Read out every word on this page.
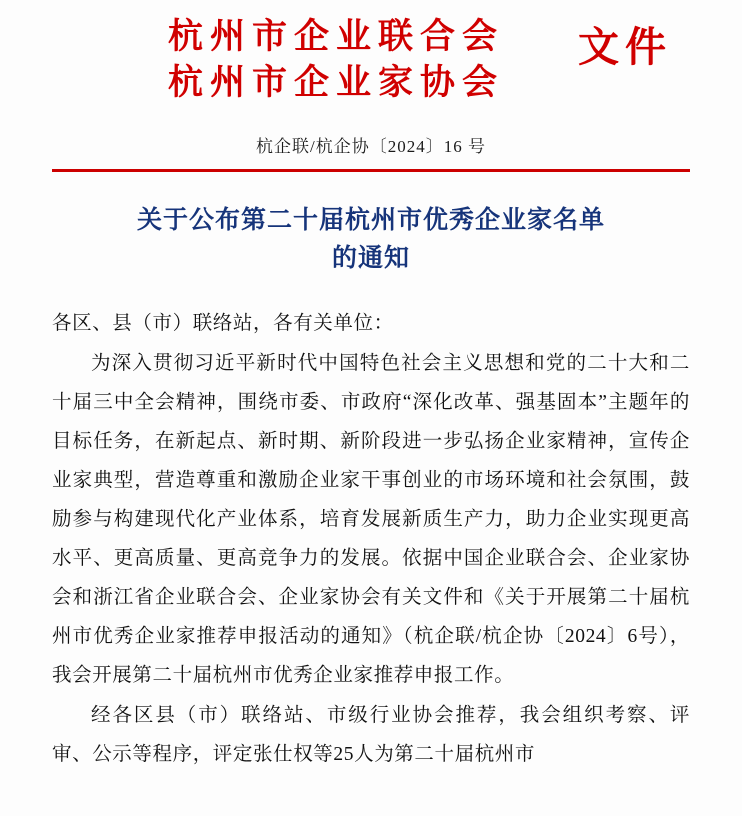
杭州市企业联合会
杭州市企业家协会
文件
杭企联/杭企协〔2024〕16 号
关于公布第二十届杭州市优秀企业家名单
的通知

各区、县（市）联络站，各有关单位：

为深入贯彻习近平新时代中国特色社会主义思想和党的二十大和二十届三中全会精神，围绕市委、市政府“深化改革、强基固本”主题年的目标任务，在新起点、新时期、新阶段进一步弘扬企业家精神，宣传企业家典型，营造尊重和激励企业家干事创业的市场环境和社会氛围，鼓励参与构建现代化产业体系，培育发展新质生产力，助力企业实现更高水平、更高质量、更高竞争力的发展。依据中国企业联合会、企业家协会和浙江省企业联合会、企业家协会有关文件和《关于开展第二十届杭州市优秀企业家推荐申报活动的通知》（杭企联/杭企协〔2024〕6号），我会开展第二十届杭州市优秀企业家推荐申报工作。

经各区县（市）联络站、市级行业协会推荐，我会组织考察、评审、公示等程序，评定张仕权等25人为第二十届杭州市
